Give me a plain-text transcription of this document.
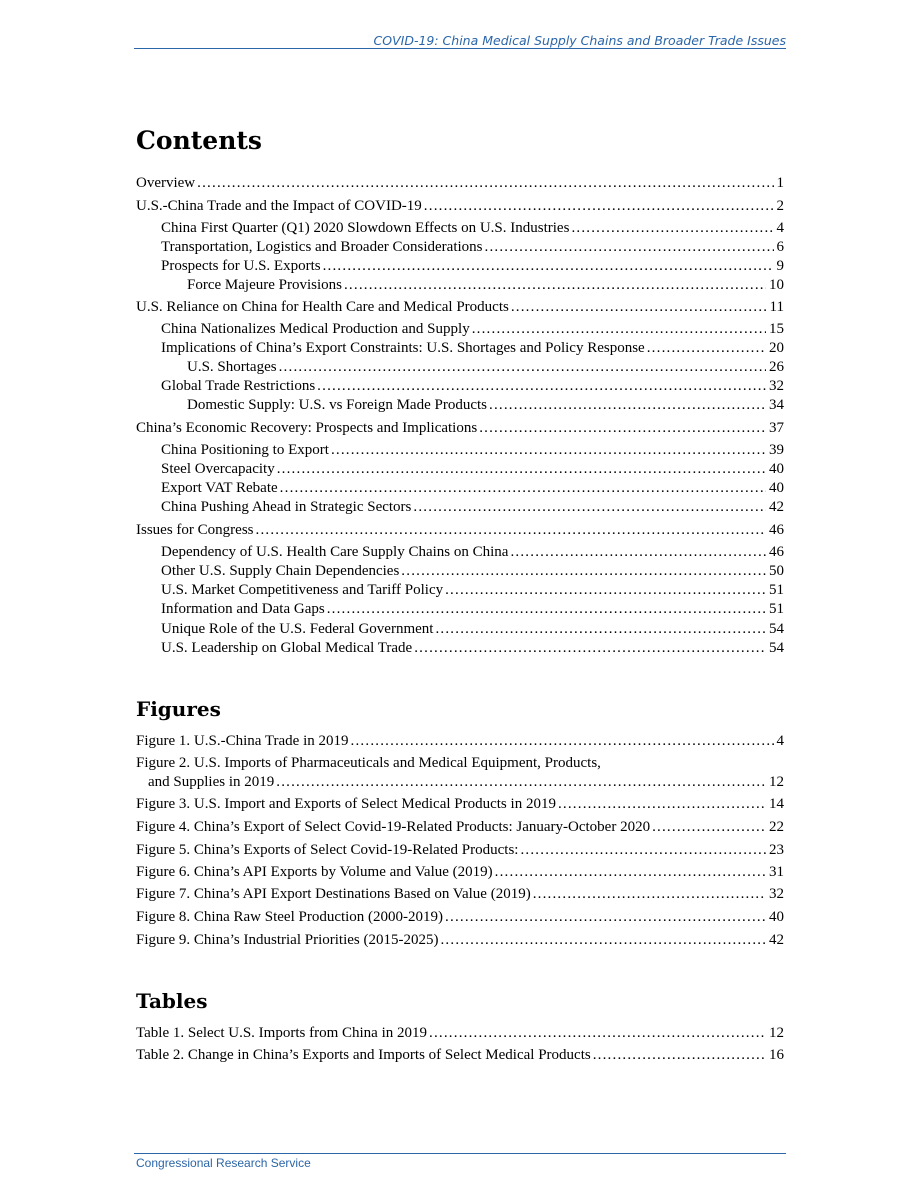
COVID-19: China Medical Supply Chains and Broader Trade Issues
Contents
Overview .....	1
U.S.-China Trade and the Impact of COVID-19 .....	2
China First Quarter (Q1) 2020 Slowdown Effects on U.S. Industries .....	4
Transportation, Logistics and Broader Considerations .....	6
Prospects for U.S. Exports .....	9
Force Majeure Provisions .....	10
U.S. Reliance on China for Health Care and Medical Products .....	11
China Nationalizes Medical Production and Supply .....	15
Implications of China’s Export Constraints: U.S. Shortages and Policy Response .....	20
U.S. Shortages .....	26
Global Trade Restrictions .....	32
Domestic Supply: U.S. vs Foreign Made Products .....	34
China’s Economic Recovery: Prospects and Implications .....	37
China Positioning to Export .....	39
Steel Overcapacity .....	40
Export VAT Rebate .....	40
China Pushing Ahead in Strategic Sectors .....	42
Issues for Congress .....	46
Dependency of U.S. Health Care Supply Chains on China .....	46
Other U.S. Supply Chain Dependencies .....	50
U.S. Market Competitiveness and Tariff Policy .....	51
Information and Data Gaps .....	51
Unique Role of the U.S. Federal Government .....	54
U.S. Leadership on Global Medical Trade .....	54
Figures
Figure 1. U.S.-China Trade in 2019 .....	4
Figure 2. U.S. Imports of Pharmaceuticals and Medical Equipment, Products,
and Supplies in 2019 .....	12
Figure 3. U.S. Import and Exports of Select Medical Products in 2019 .....	14
Figure 4. China’s Export of Select Covid-19-Related Products: January-October 2020 .....	22
Figure 5. China’s Exports of Select Covid-19-Related Products: .....	23
Figure 6. China’s API Exports by Volume and Value (2019) .....	31
Figure 7. China’s API Export Destinations Based on Value (2019) .....	32
Figure 8. China Raw Steel Production (2000-2019) .....	40
Figure 9. China’s Industrial Priorities (2015-2025) .....	42
Tables
Table 1. Select U.S. Imports from China in 2019 .....	12
Table 2. Change in China’s Exports and Imports of Select Medical Products .....	16
Congressional Research Service
